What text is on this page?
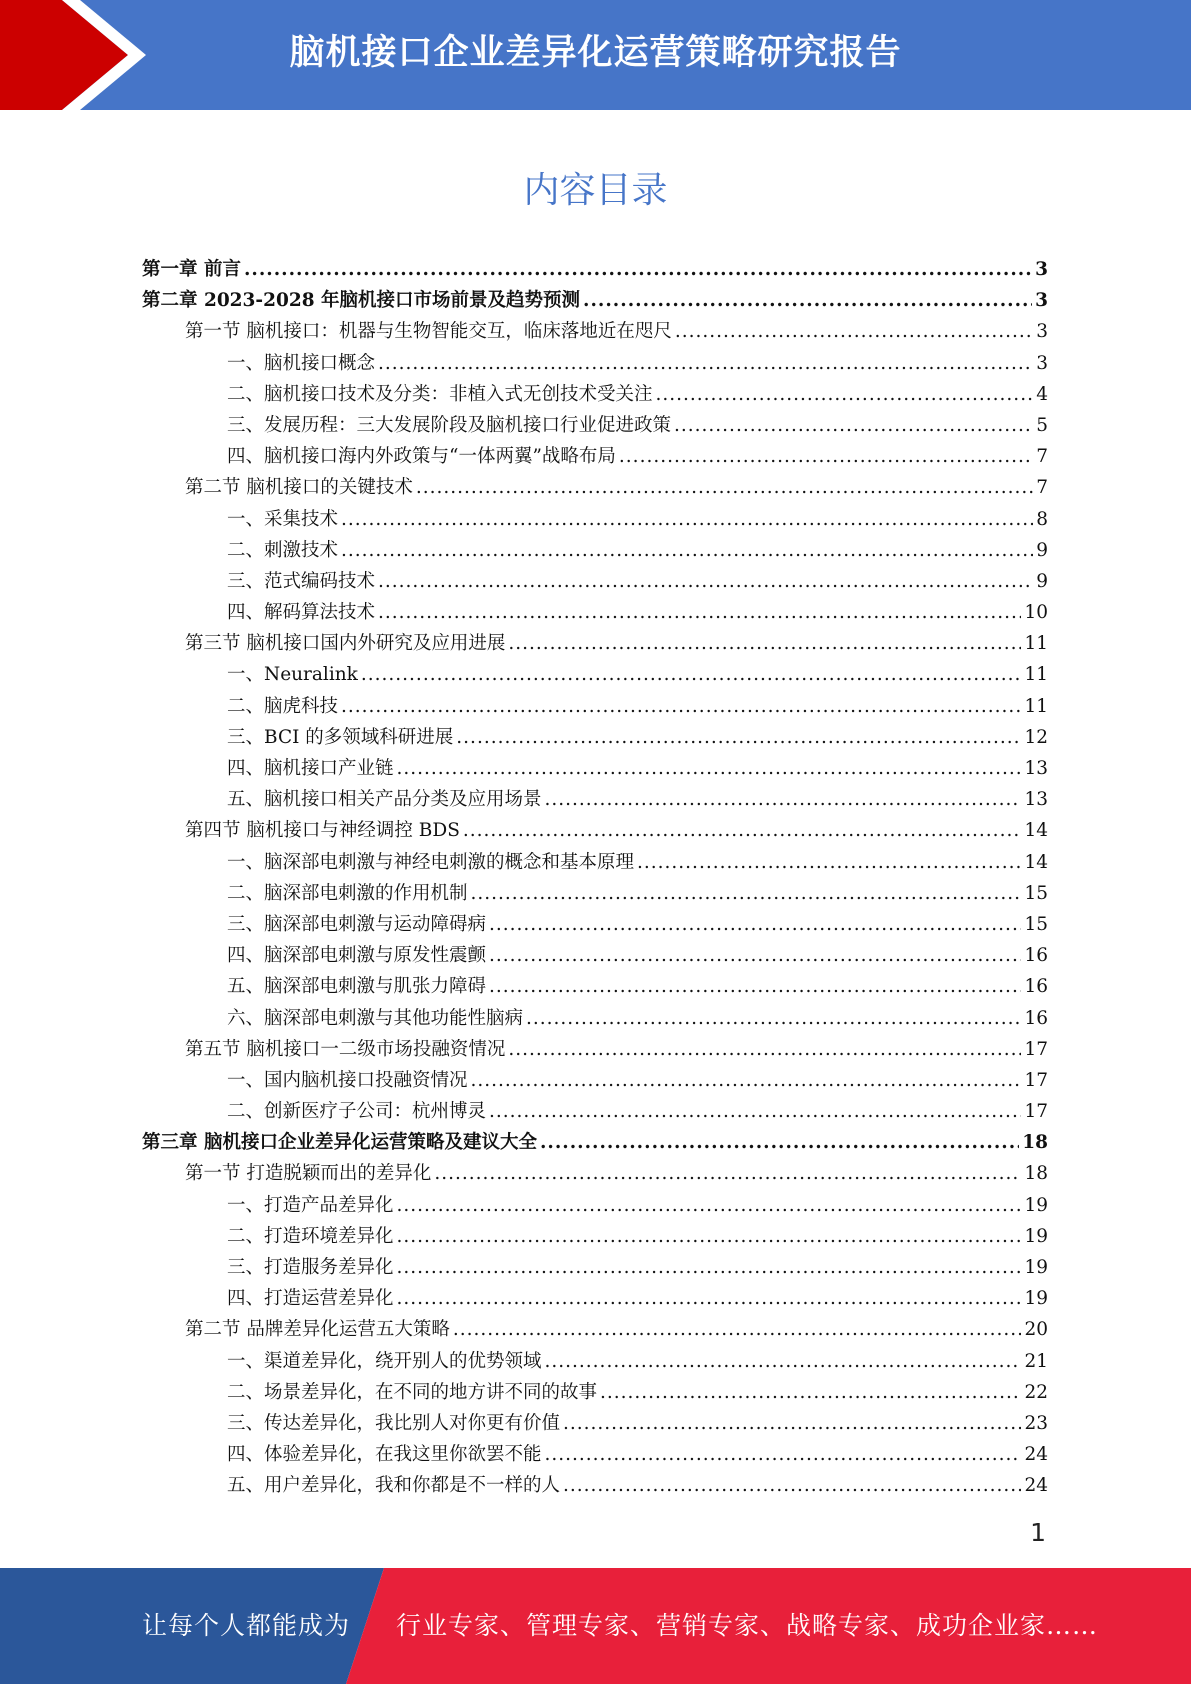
脑机接口企业差异化运营策略研究报告
内容目录
第一章 前言 .....	3
第二章 2023-2028 年脑机接口市场前景及趋势预测 .....	3
第一节 脑机接口：机器与生物智能交互，临床落地近在咫尺 .....	3
一、脑机接口概念 .....	3
二、脑机接口技术及分类：非植入式无创技术受关注 .....	4
三、发展历程：三大发展阶段及脑机接口行业促进政策 .....	5
四、脑机接口海内外政策与“一体两翼”战略布局 .....	7
第二节 脑机接口的关键技术 .....	7
一、采集技术 .....	8
二、刺激技术 .....	9
三、范式编码技术 .....	9
四、解码算法技术 .....	10
第三节 脑机接口国内外研究及应用进展 .....	11
一、Neuralink .....	11
二、脑虎科技 .....	11
三、BCI 的多领域科研进展 .....	12
四、脑机接口产业链 .....	13
五、脑机接口相关产品分类及应用场景 .....	13
第四节 脑机接口与神经调控 BDS .....	14
一、脑深部电刺激与神经电刺激的概念和基本原理 .....	14
二、脑深部电刺激的作用机制 .....	15
三、脑深部电刺激与运动障碍病 .....	15
四、脑深部电刺激与原发性震颤 .....	16
五、脑深部电刺激与肌张力障碍 .....	16
六、脑深部电刺激与其他功能性脑病 .....	16
第五节 脑机接口一二级市场投融资情况 .....	17
一、国内脑机接口投融资情况 .....	17
二、创新医疗子公司：杭州博灵 .....	17
第三章 脑机接口企业差异化运营策略及建议大全 .....	18
第一节 打造脱颖而出的差异化 .....	18
一、打造产品差异化 .....	19
二、打造环境差异化 .....	19
三、打造服务差异化 .....	19
四、打造运营差异化 .....	19
第二节 品牌差异化运营五大策略 .....	20
一、渠道差异化，绕开别人的优势领域 .....	21
二、场景差异化，在不同的地方讲不同的故事 .....	22
三、传达差异化，我比别人对你更有价值 .....	23
四、体验差异化，在我这里你欲罢不能 .....	24
五、用户差异化，我和你都是不一样的人 .....	24
1
让每个人都能成为 行业专家、管理专家、营销专家、战略专家、成功企业家……
